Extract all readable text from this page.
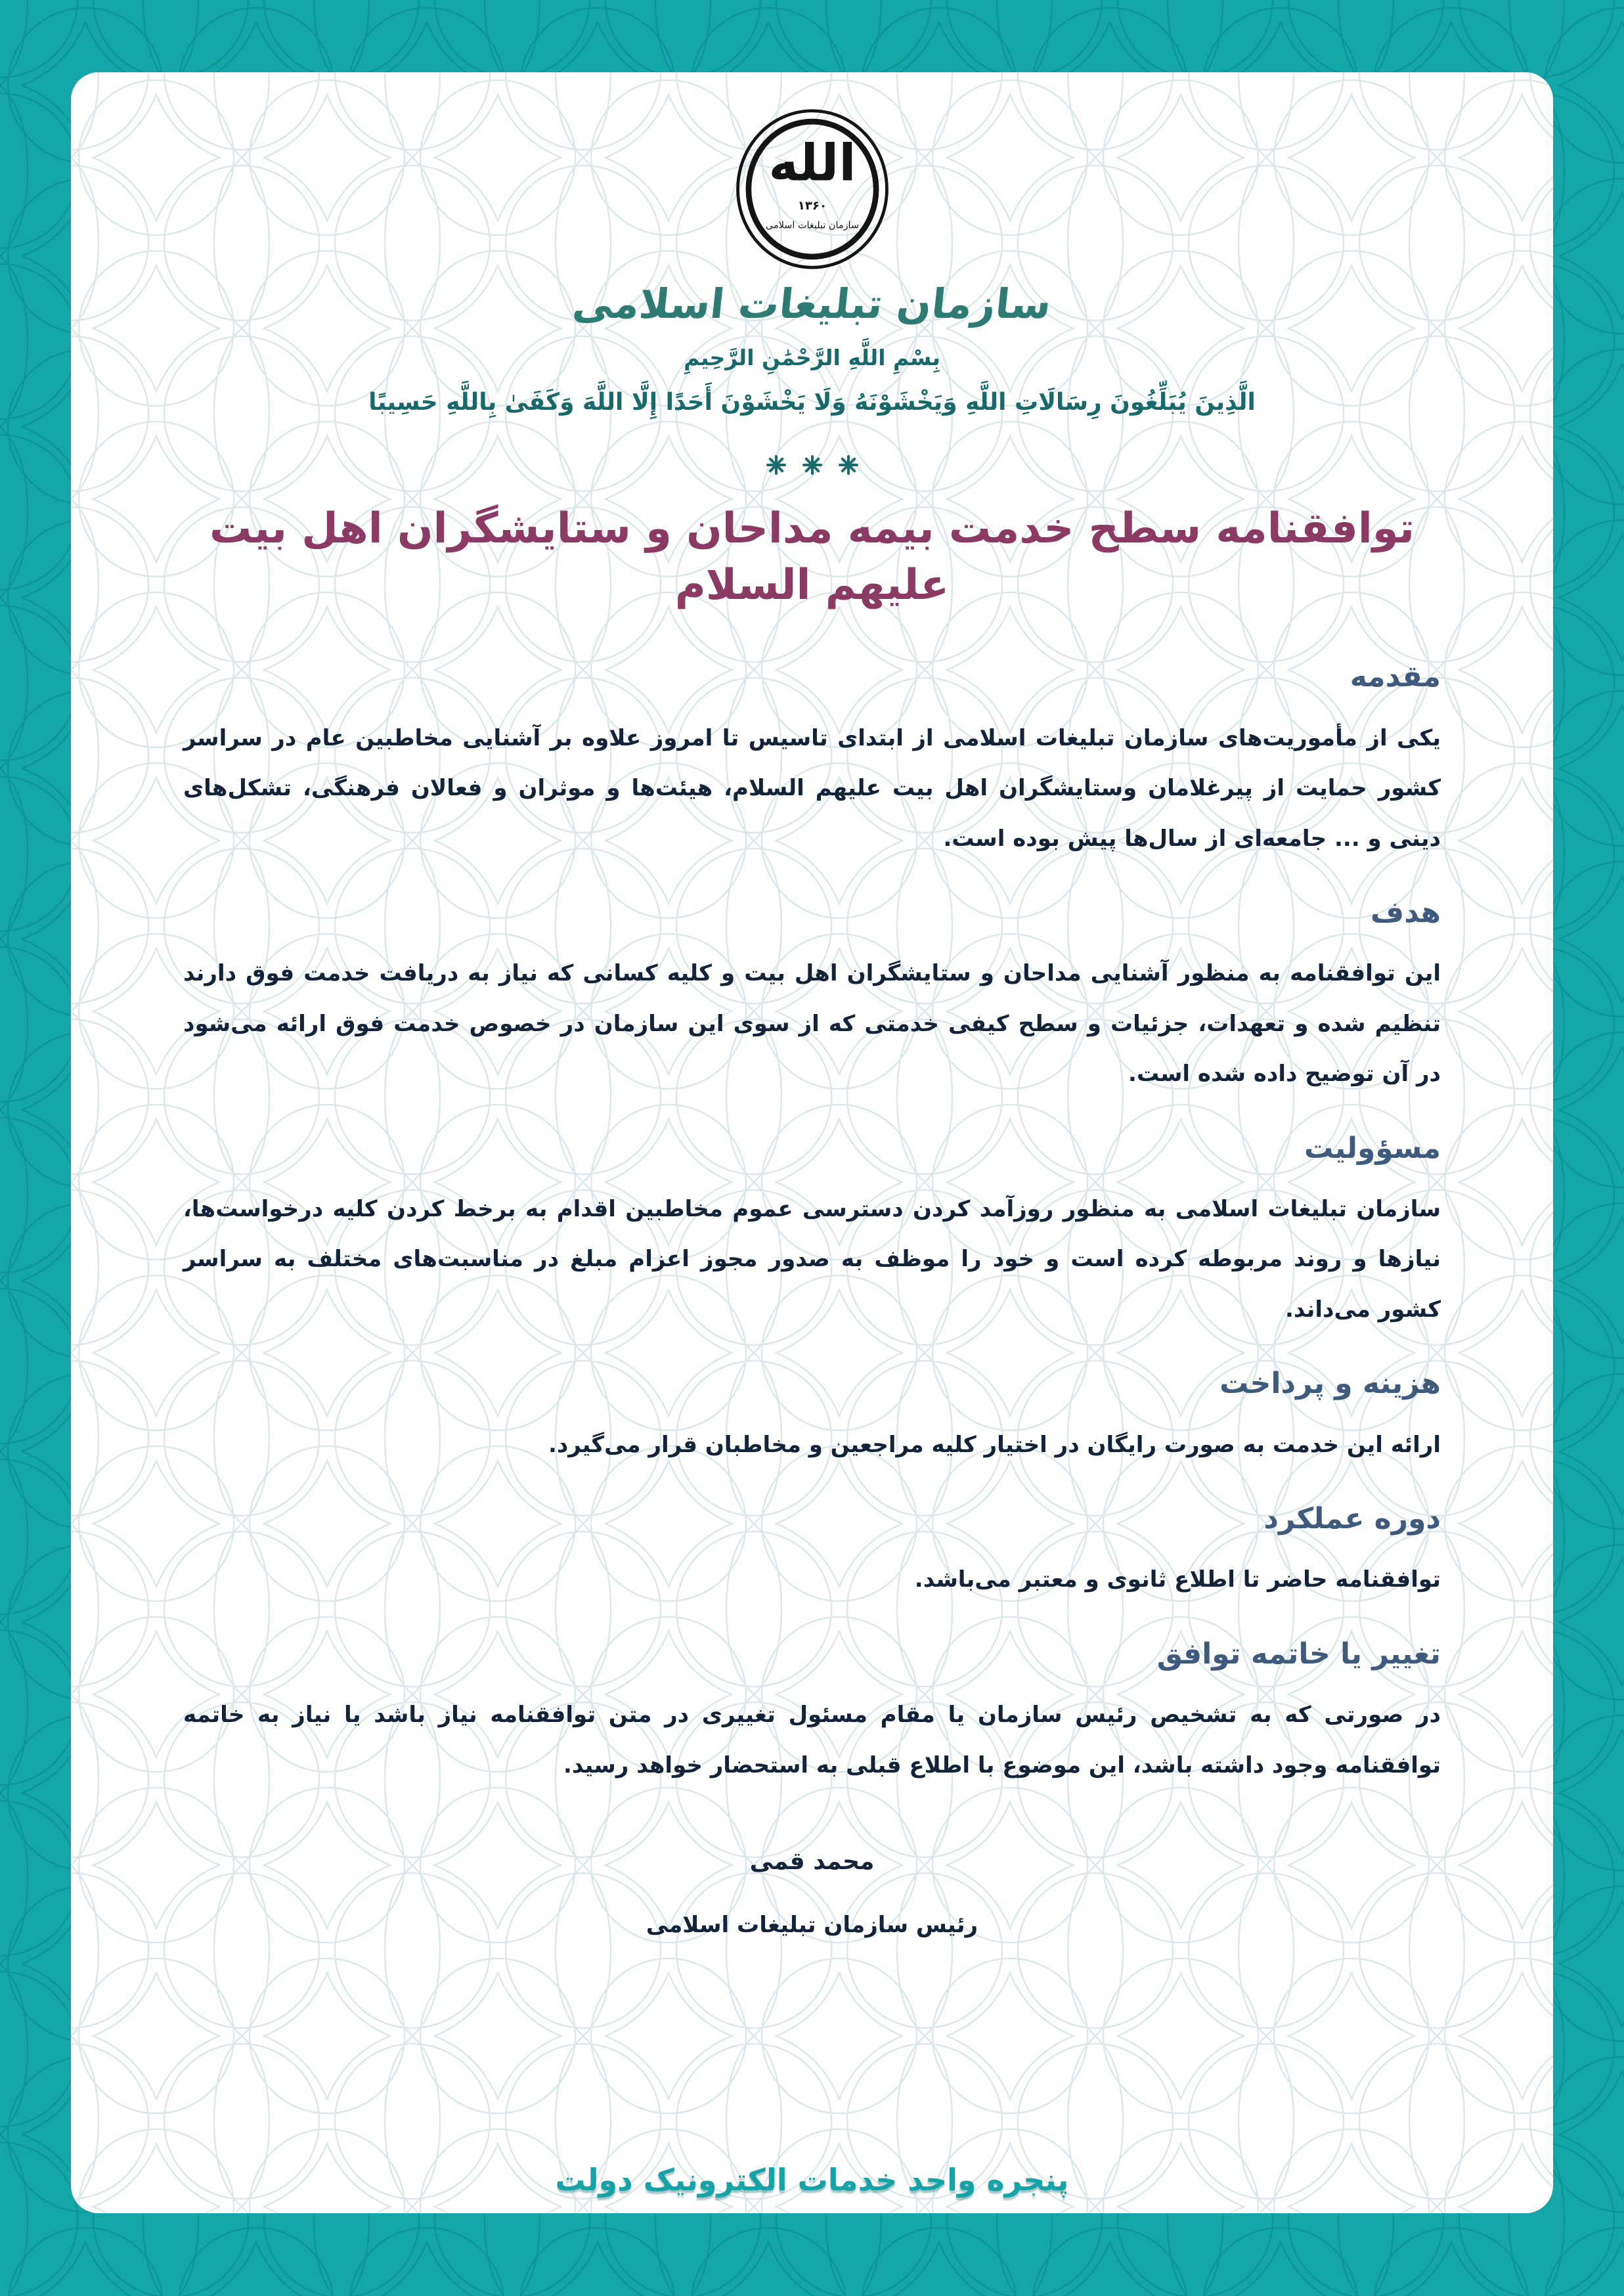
الله
۱۳۶۰
سازمان تبلیغات اسلامی
سازمان تبلیغات اسلامی
بِسْمِ اللَّهِ الرَّحْمَٰنِ الرَّحِيمِ
الَّذِينَ يُبَلِّغُونَ رِسَالَاتِ اللَّهِ وَيَخْشَوْنَهُ وَلَا يَخْشَوْنَ أَحَدًا إِلَّا اللَّهَ وَكَفَىٰ بِاللَّهِ حَسِيبًا
توافقنامه سطح خدمت بیمه مداحان و ستایشگران اهل بیت علیهم السلام
مقدمه

یکی از مأموریت‌های سازمان تبلیغات اسلامی از ابتدای تاسیس تا امروز علاوه بر آشنایی مخاطبین عام در سراسر کشور حمایت از پیرغلامان وستایشگران اهل بیت علیهم السلام، هیئت‌ها و موثران و فعالان فرهنگی، تشکل‌های دینی و ... جامعه‌ای از سال‌ها پیش بوده است.

هدف

این توافقنامه به منظور آشنایی مداحان و ستایشگران اهل بیت و کلیه کسانی که نیاز به دریافت خدمت فوق دارند تنظیم شده و تعهدات، جزئیات و سطح کیفی خدمتی که از سوی این سازمان در خصوص خدمت فوق ارائه می‌شود در آن توضیح داده شده است.

مسؤولیت

سازمان تبلیغات اسلامی به منظور روزآمد کردن دسترسی عموم مخاطبین اقدام به برخط کردن کلیه درخواست‌ها، نیازها و روند مربوطه کرده است و خود را موظف به صدور مجوز اعزام مبلغ در مناسبت‌های مختلف به سراسر کشور می‌داند.

هزینه و پرداخت

ارائه این خدمت به صورت رایگان در اختیار کلیه مراجعین و مخاطبان قرار می‌گیرد.

دوره عملکرد

توافقنامه حاضر تا اطلاع ثانوی و معتبر می‌باشد.

تغییر یا خاتمه توافق

در صورتی که به تشخیص رئیس سازمان یا مقام مسئول تغییری در متن توافقنامه نیاز باشد یا نیاز به خاتمه توافقنامه وجود داشته باشد، این موضوع با اطلاع قبلی به استحضار خواهد رسید.

محمد قمی
رئیس سازمان تبلیغات اسلامی
پنجره واحد خدمات الکترونیک دولت
